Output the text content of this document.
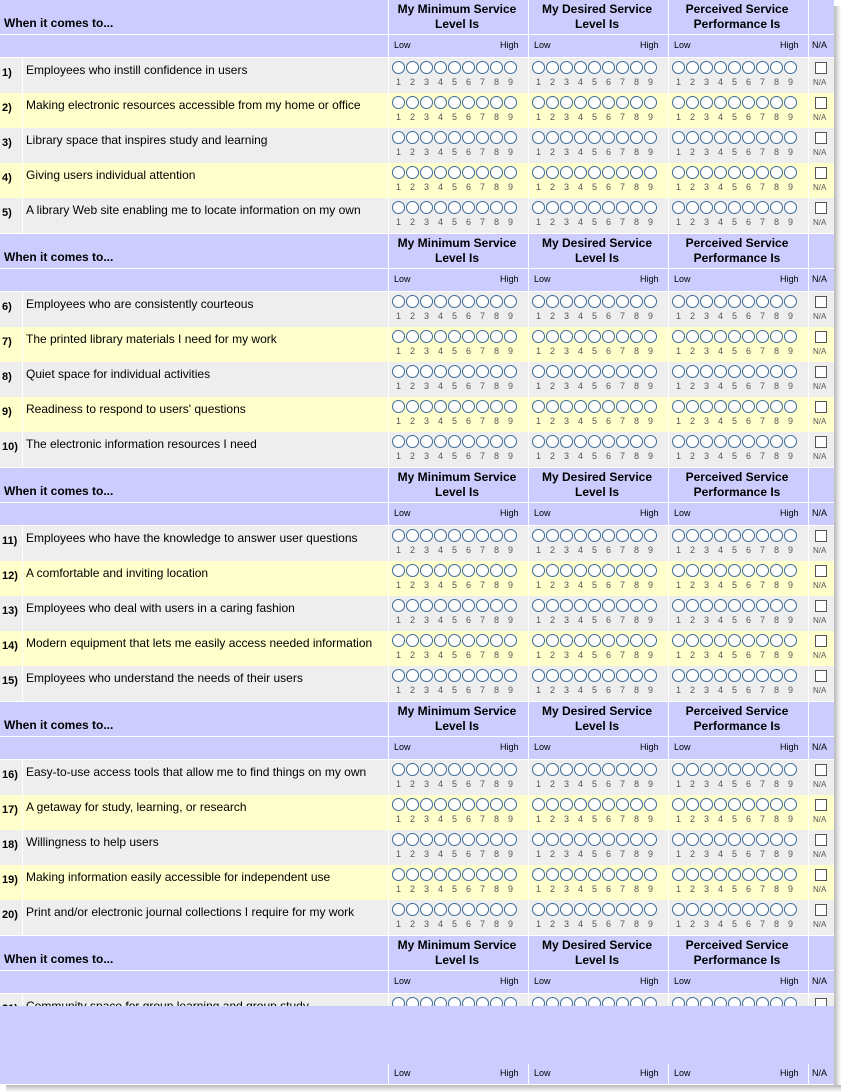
When it comes to...
My Minimum Service Level Is
My Desired Service Level Is
Perceived Service Performance Is
Low	High Low	High Low	High N/A
1) Employees who instill confidence in users
1 2 3 4 5 6 7 8 9	1 2 3 4 5 6 7 8 9	1 2 3 4 5 6 7 8 9	N/A
2) Making electronic resources accessible from my home or office
1 2 3 4 5 6 7 8 9	1 2 3 4 5 6 7 8 9	1 2 3 4 5 6 7 8 9	N/A
3) Library space that inspires study and learning
1 2 3 4 5 6 7 8 9	1 2 3 4 5 6 7 8 9	1 2 3 4 5 6 7 8 9	N/A
4) Giving users individual attention
1 2 3 4 5 6 7 8 9	1 2 3 4 5 6 7 8 9	1 2 3 4 5 6 7 8 9	N/A
5) A library Web site enabling me to locate information on my own
1 2 3 4 5 6 7 8 9	1 2 3 4 5 6 7 8 9	1 2 3 4 5 6 7 8 9	N/A
When it comes to...
My Minimum Service Level Is
My Desired Service Level Is
Perceived Service Performance Is
Low	High Low	High Low	High N/A
6) Employees who are consistently courteous
1 2 3 4 5 6 7 8 9	1 2 3 4 5 6 7 8 9	1 2 3 4 5 6 7 8 9	N/A
7) The printed library materials I need for my work
1 2 3 4 5 6 7 8 9	1 2 3 4 5 6 7 8 9	1 2 3 4 5 6 7 8 9	N/A
8) Quiet space for individual activities
1 2 3 4 5 6 7 8 9	1 2 3 4 5 6 7 8 9	1 2 3 4 5 6 7 8 9	N/A
9) Readiness to respond to users' questions
1 2 3 4 5 6 7 8 9	1 2 3 4 5 6 7 8 9	1 2 3 4 5 6 7 8 9	N/A
10) The electronic information resources I need
1 2 3 4 5 6 7 8 9	1 2 3 4 5 6 7 8 9	1 2 3 4 5 6 7 8 9	N/A
When it comes to...
My Minimum Service Level Is
My Desired Service Level Is
Perceived Service Performance Is
Low	High Low	High Low	High N/A
11) Employees who have the knowledge to answer user questions
1 2 3 4 5 6 7 8 9	1 2 3 4 5 6 7 8 9	1 2 3 4 5 6 7 8 9	N/A
12) A comfortable and inviting location
1 2 3 4 5 6 7 8 9	1 2 3 4 5 6 7 8 9	1 2 3 4 5 6 7 8 9	N/A
13) Employees who deal with users in a caring fashion
1 2 3 4 5 6 7 8 9	1 2 3 4 5 6 7 8 9	1 2 3 4 5 6 7 8 9	N/A
14) Modern equipment that lets me easily access needed information
1 2 3 4 5 6 7 8 9	1 2 3 4 5 6 7 8 9	1 2 3 4 5 6 7 8 9	N/A
15) Employees who understand the needs of their users
1 2 3 4 5 6 7 8 9	1 2 3 4 5 6 7 8 9	1 2 3 4 5 6 7 8 9	N/A
When it comes to...
My Minimum Service Level Is
My Desired Service Level Is
Perceived Service Performance Is
Low	High Low	High Low	High N/A
16) Easy-to-use access tools that allow me to find things on my own
1 2 3 4 5 6 7 8 9	1 2 3 4 5 6 7 8 9	1 2 3 4 5 6 7 8 9	N/A
17) A getaway for study, learning, or research
1 2 3 4 5 6 7 8 9	1 2 3 4 5 6 7 8 9	1 2 3 4 5 6 7 8 9	N/A
18) Willingness to help users
1 2 3 4 5 6 7 8 9	1 2 3 4 5 6 7 8 9	1 2 3 4 5 6 7 8 9	N/A
19) Making information easily accessible for independent use
1 2 3 4 5 6 7 8 9	1 2 3 4 5 6 7 8 9	1 2 3 4 5 6 7 8 9	N/A
20) Print and/or electronic journal collections I require for my work
1 2 3 4 5 6 7 8 9	1 2 3 4 5 6 7 8 9	1 2 3 4 5 6 7 8 9	N/A
When it comes to...
My Minimum Service Level Is
My Desired Service Level Is
Perceived Service Performance Is
Low	High Low	High Low	High N/A
Low	High Low	High Low	High N/A
